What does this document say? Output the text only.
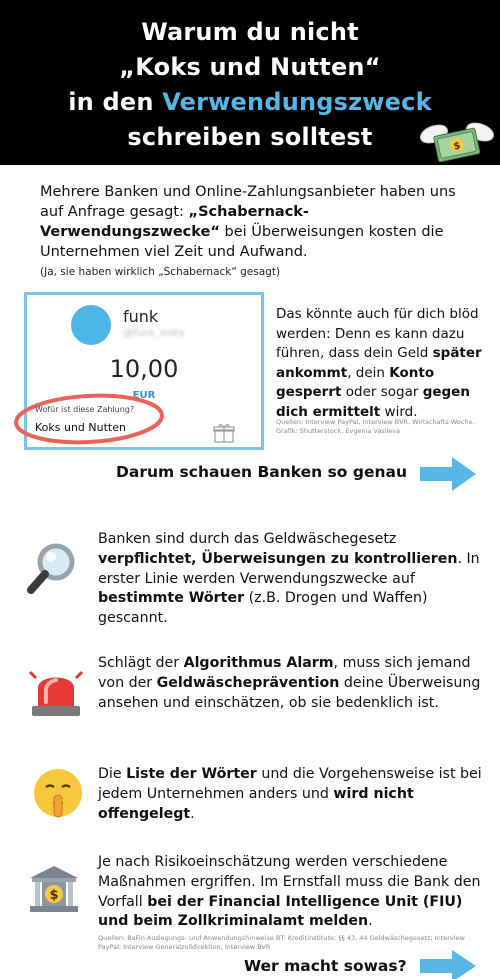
Warum du nicht
„Koks und Nutten“
in den Verwendungszweck
schreiben solltest	$
Mehrere Banken und Online-Zahlungsanbieter haben uns auf Anfrage gesagt: „Schabernack-Verwendungszwecke“ bei Überweisungen kosten die Unternehmen viel Zeit und Aufwand.
(Ja, sie haben wirklich „Schabernack“ gesagt)
funk
@funk_insta
10,00
EUR
Wofür ist diese Zahlung?
Koks und Nutten
Das könnte auch für dich blöd werden: Denn es kann dazu führen, dass dein Geld später ankommt, dein Konto gesperrt oder sogar gegen dich ermittelt wird.
Quellen: Interview PayPal, Interview BVR, Wirtschafts-Woche, Grafik: Shutterstock, Evgenia Vasileva
Darum schauen Banken so genau
Banken sind durch das Geldwäschegesetz verpflichtet, Überweisungen zu kontrollieren. In erster Linie werden Verwendungszwecke auf bestimmte Wörter (z.B. Drogen und Waffen) gescannt.
Schlägt der Algorithmus Alarm, muss sich jemand von der Geldwäscheprävention deine Überweisung ansehen und einschätzen, ob sie bedenklich ist.
Die Liste der Wörter und die Vorgehensweise ist bei jedem Unternehmen anders und wird nicht offengelegt.
$
Je nach Risikoeinschätzung werden verschiedene Maßnahmen ergriffen. Im Ernstfall muss die Bank den Vorfall bei der Financial Intelligence Unit (FIU) und beim Zollkriminalamt melden.
Quellen: BaFin Auslegungs- und Anwendungshinweise BT: Kreditinstitute; §§ 43, 44 Geldwäschegesetz; Interview PayPal; Interview Generalzolldirektion, Interview BVR
Wer macht sowas?
